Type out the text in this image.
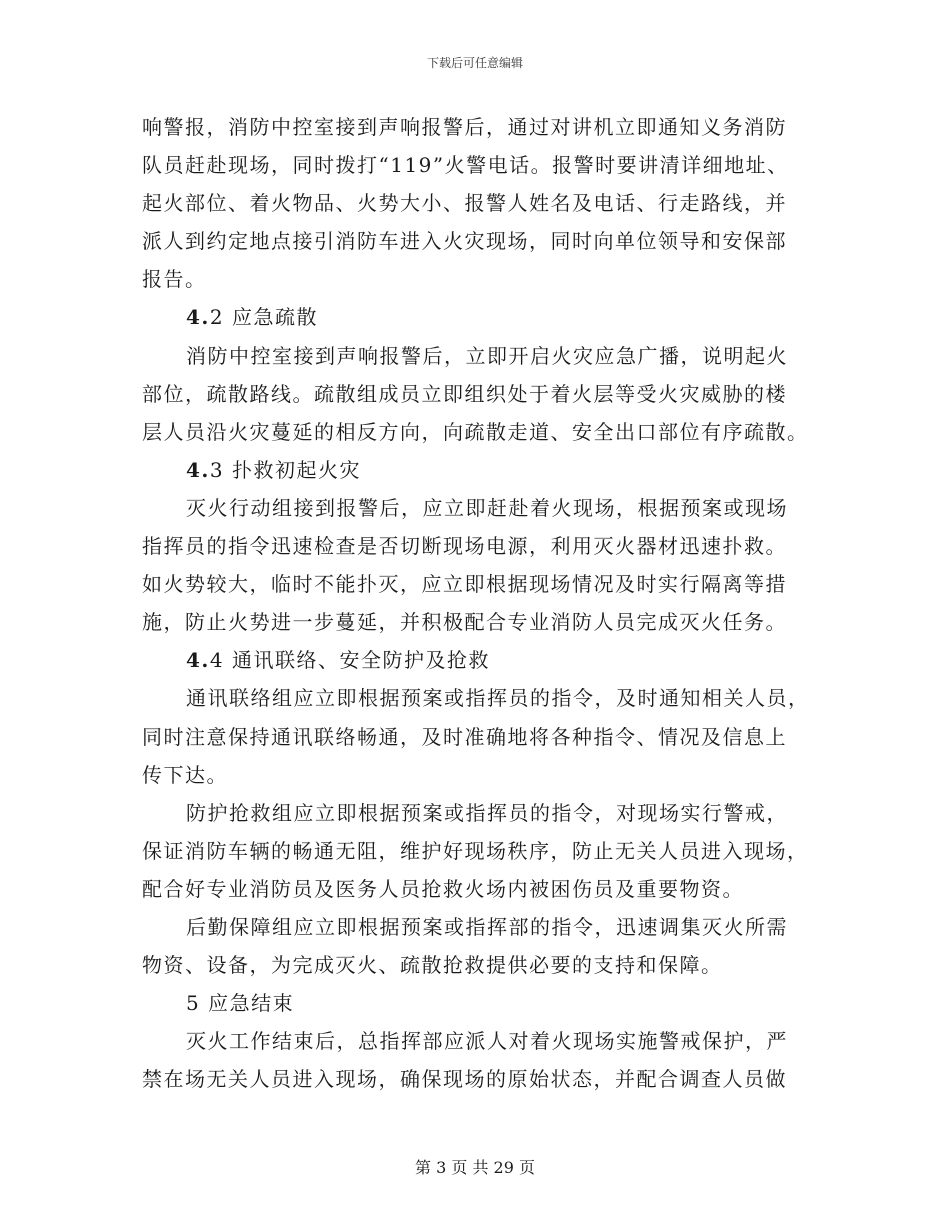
下载后可任意编辑
响警报，消防中控室接到声响报警后，通过对讲机立即通知义务消防
队员赶赴现场，同时拨打“119”火警电话。报警时要讲清详细地址、
起火部位、着火物品、火势大小、报警人姓名及电话、行走路线，并
派人到约定地点接引消防车进入火灾现场，同时向单位领导和安保部
报告。
4.2 应急疏散
消防中控室接到声响报警后，立即开启火灾应急广播，说明起火
部位，疏散路线。疏散组成员立即组织处于着火层等受火灾威胁的楼
层人员沿火灾蔓延的相反方向，向疏散走道、安全出口部位有序疏散。
4.3 扑救初起火灾
灭火行动组接到报警后，应立即赶赴着火现场，根据预案或现场
指挥员的指令迅速检查是否切断现场电源，利用灭火器材迅速扑救。
如火势较大，临时不能扑灭，应立即根据现场情况及时实行隔离等措
施，防止火势进一步蔓延，并积极配合专业消防人员完成灭火任务。
4.4 通讯联络、安全防护及抢救
通讯联络组应立即根据预案或指挥员的指令，及时通知相关人员，
同时注意保持通讯联络畅通，及时准确地将各种指令、情况及信息上
传下达。
防护抢救组应立即根据预案或指挥员的指令，对现场实行警戒，
保证消防车辆的畅通无阻，维护好现场秩序，防止无关人员进入现场，
配合好专业消防员及医务人员抢救火场内被困伤员及重要物资。
后勤保障组应立即根据预案或指挥部的指令，迅速调集灭火所需
物资、设备，为完成灭火、疏散抢救提供必要的支持和保障。
5 应急结束
灭火工作结束后，总指挥部应派人对着火现场实施警戒保护，严
禁在场无关人员进入现场，确保现场的原始状态，并配合调查人员做
第 3 页 共 29 页
